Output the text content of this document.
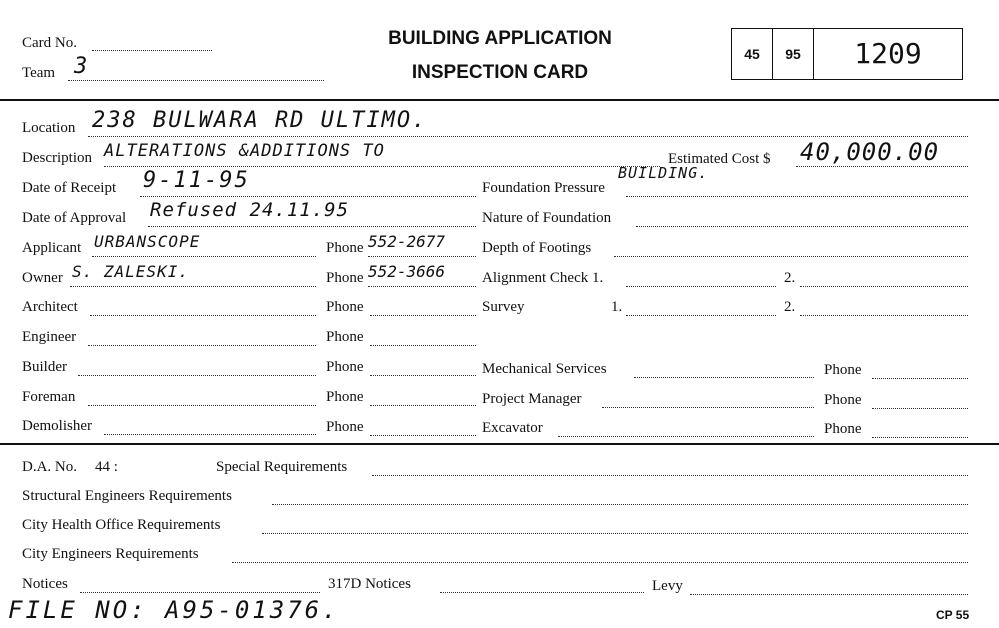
Card No.
Team 3
BUILDING APPLICATION
INSPECTION CARD
45	95	1209
Location 238 BULWARA RD ULTIMO.
Description ALTERATIONS &ADDITIONS TO
BUILDING.
Estimated Cost $ 40,000.00
Date of Receipt 9-11-95	Foundation Pressure
Date of Approval Refused 24.11.95	Nature of Foundation
Applicant URBANSCOPE	Phone 552-2677 Depth of Footings
Owner S. ZALESKI.	Phone 552-3666 Alignment Check 1.	2.
Architect	Phone	Survey	1.	2.
Engineer	Phone
Builder	Phone	Mechanical Services	Phone
Foreman	Phone	Project Manager	Phone
Demolisher	Phone	Excavator	Phone
D.A. No. 44 :	Special Requirements
Structural Engineers Requirements
City Health Office Requirements
City Engineers Requirements
Notices	317D Notices	Levy
FILE NO: A95-01376.	CP 55
